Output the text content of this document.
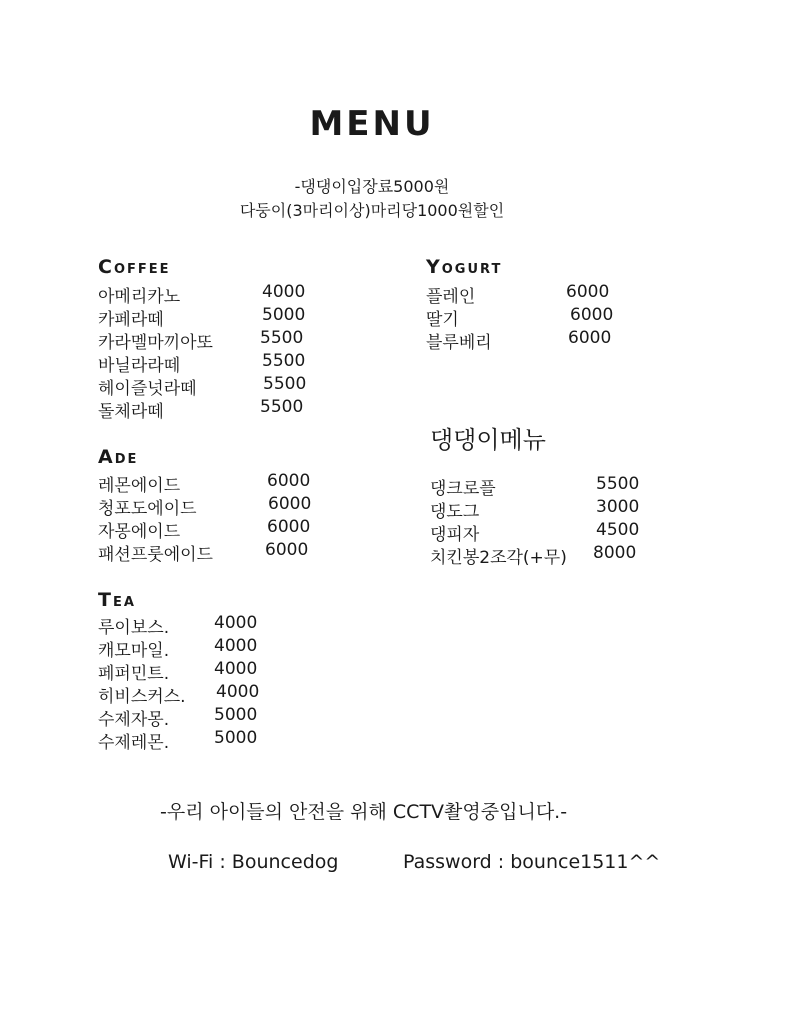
MENU
-댕댕이입장료5000원
다둥이(3마리이상)마리당1000원할인
Coffee
아메리카노	4000
카페라떼	5000
카라멜마끼아또	5500
바닐라라떼	5500
헤이즐넛라떼	5500
돌체라떼	5500
Ade
레몬에이드	6000
청포도에이드	6000
자몽에이드	6000
패션프룻에이드	6000
Tea
루이보스.	4000
캐모마일.	4000
페퍼민트.	4000
히비스커스. 4000
수제자몽.	5000
수제레몬.	5000
Yogurt
플레인	6000
딸기	6000
블루베리	6000
댕댕이메뉴
댕크로플	5500
댕도그	3000
댕피자	4500
치킨봉2조각(+무) 8000
-우리 아이들의 안전을 위해 CCTV촬영중입니다.-
Wi-Fi : Bouncedog	Password : bounce1511^^
